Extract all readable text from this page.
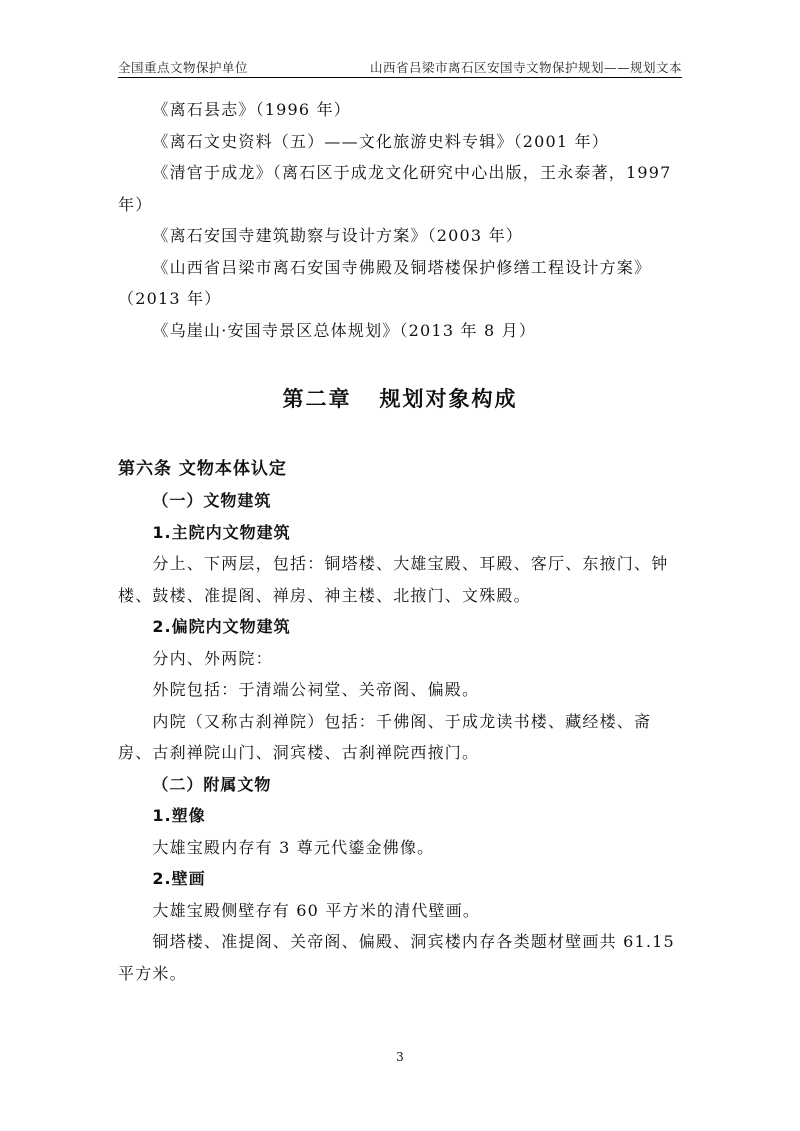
全国重点文物保护单位	山西省吕梁市离石区安国寺文物保护规划——规划文本

《离石县志》（1996 年）

《离石文史资料（五）——文化旅游史料专辑》（2001 年）

《清官于成龙》（离石区于成龙文化研究中心出版，王永泰著，1997 年）

《离石安国寺建筑勘察与设计方案》（2003 年）

《山西省吕梁市离石安国寺佛殿及铜塔楼保护修缮工程设计方案》（2013 年）

《乌崖山·安国寺景区总体规划》（2013 年 8 月）

第二章 规划对象构成

第六条 文物本体认定

（一）文物建筑

1.主院内文物建筑

分上、下两层，包括：铜塔楼、大雄宝殿、耳殿、客厅、东掖门、钟楼、鼓楼、准提阁、禅房、神主楼、北掖门、文殊殿。

2.偏院内文物建筑

分内、外两院：

外院包括：于清端公祠堂、关帝阁、偏殿。

内院（又称古刹禅院）包括：千佛阁、于成龙读书楼、藏经楼、斋房、古刹禅院山门、洞宾楼、古刹禅院西掖门。

（二）附属文物

1.塑像

大雄宝殿内存有 3 尊元代鎏金佛像。

2.壁画

大雄宝殿侧壁存有 60 平方米的清代壁画。

铜塔楼、准提阁、关帝阁、偏殿、洞宾楼内存各类题材壁画共 61.15 平方米。

3
